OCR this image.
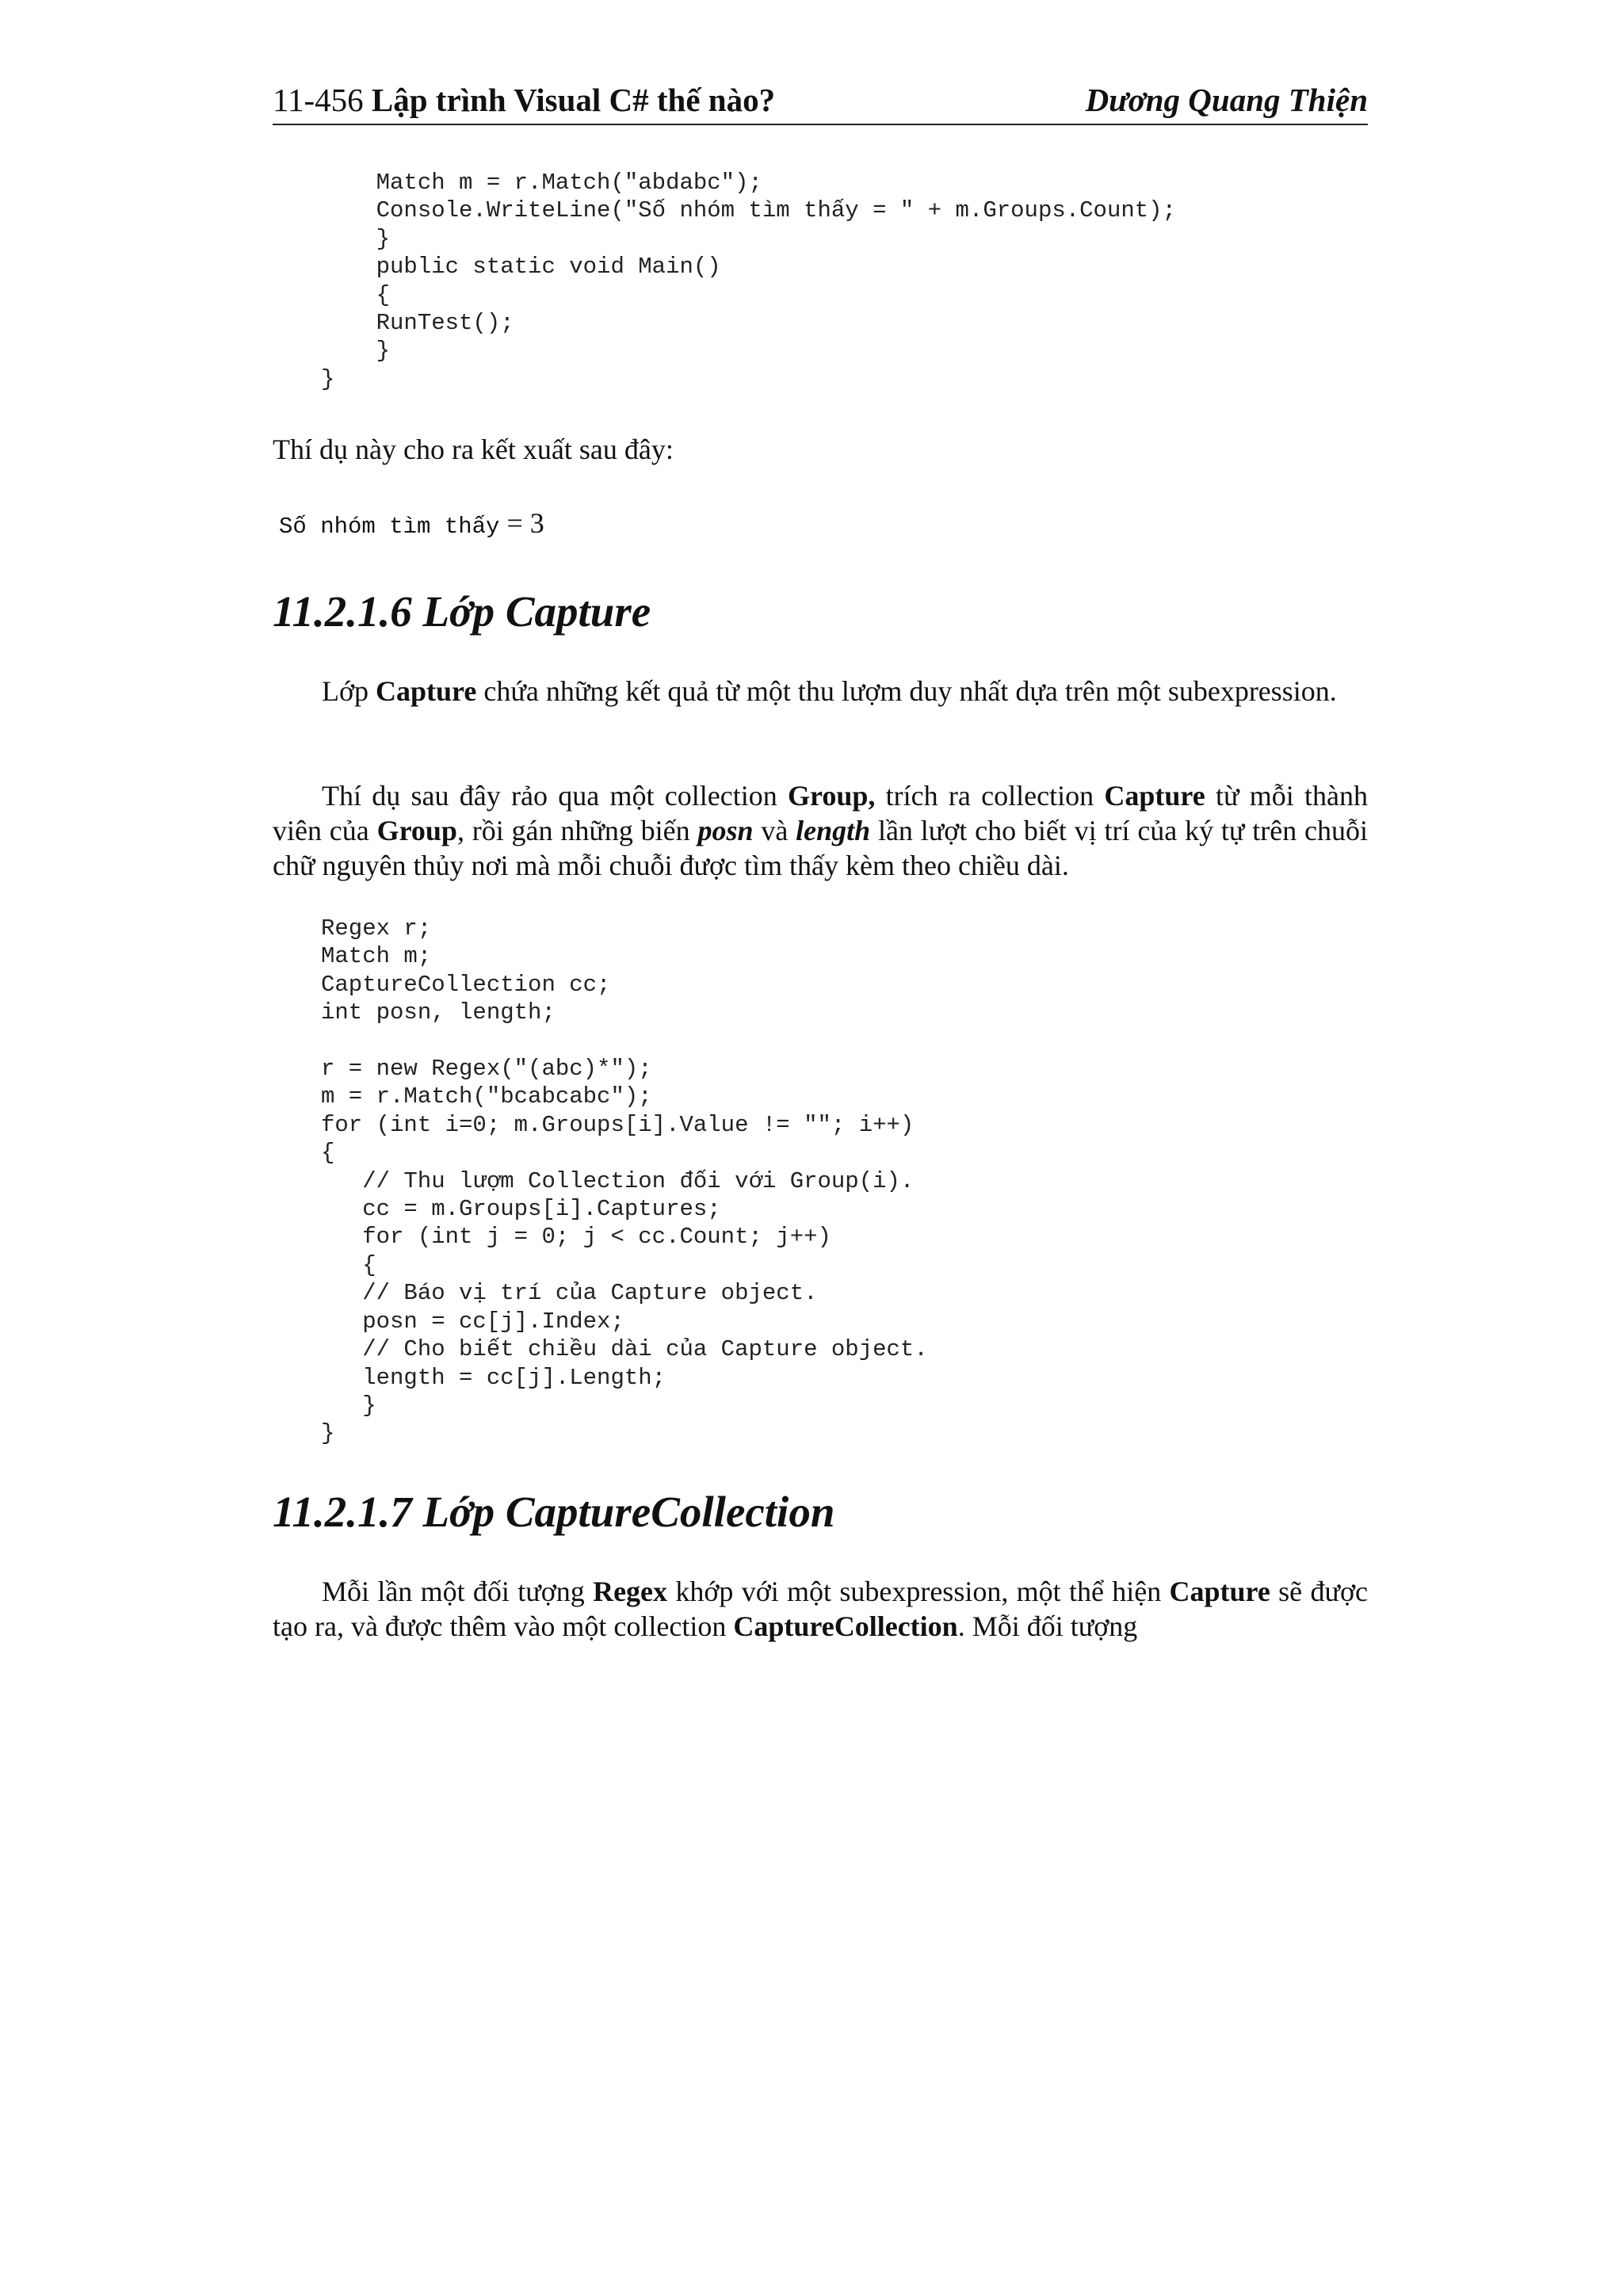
11-456 Lập trình Visual C# thế nào?	Dương Quang Thiện
Match m = r.Match("abdabc");
Console.WriteLine("Số nhóm tìm thấy = " + m.Groups.Count);
}
public static void Main()
{
RunTest();
}
}
Thí dụ này cho ra kết xuất sau đây:
Số nhóm tìm thấy = 3
11.2.1.6 Lớp Capture
Lớp Capture chứa những kết quả từ một thu lượm duy nhất dựa trên một subexpression.
Thí dụ sau đây rảo qua một collection Group, trích ra collection Capture từ mỗi thành viên của Group, rồi gán những biến posn và length lần lượt cho biết vị trí của ký tự trên chuỗi chữ nguyên thủy nơi mà mỗi chuỗi được tìm thấy kèm theo chiều dài.
Regex r;
Match m;
CaptureCollection cc;
int posn, length;

r = new Regex("(abc)*");
m = r.Match("bcabcabc");
for (int i=0; m.Groups[i].Value != ""; i++)
{
// Thu lượm Collection đối với Group(i).
cc = m.Groups[i].Captures;
for (int j = 0; j < cc.Count; j++)
{
// Báo vị trí của Capture object.
posn = cc[j].Index;
// Cho biết chiều dài của Capture object.
length = cc[j].Length;
}
}
11.2.1.7 Lớp CaptureCollection
Mỗi lần một đối tượng Regex khớp với một subexpression, một thể hiện Capture sẽ được tạo ra, và được thêm vào một collection CaptureCollection. Mỗi đối tượng
